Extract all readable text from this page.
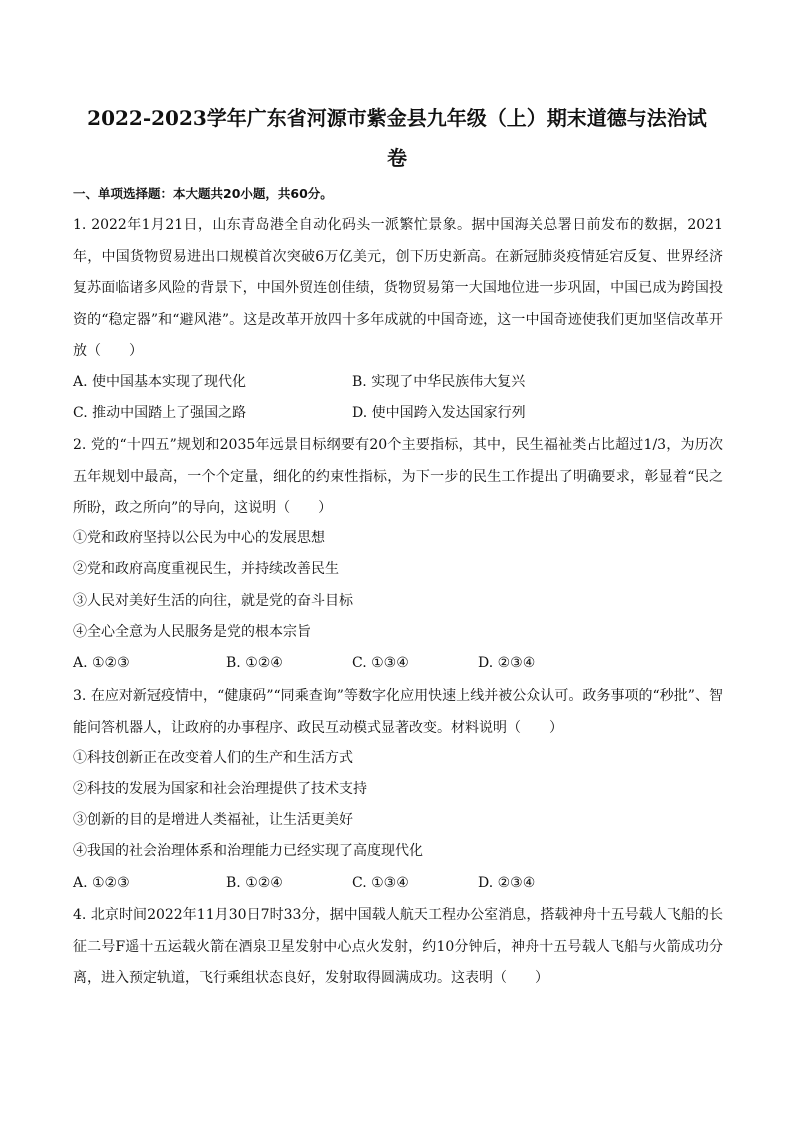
2022-2023学年广东省河源市紫金县九年级（上）期末道德与法治试
卷
一、单项选择题：本大题共20小题，共60分。
1. 2022年1月21日，山东青岛港全自动化码头一派繁忙景象。据中国海关总署日前发布的数据，2021年，中国货物贸易进出口规模首次突破6万亿美元，创下历史新高。在新冠肺炎疫情延宕反复、世界经济复苏面临诸多风险的背景下，中国外贸连创佳绩，货物贸易第一大国地位进一步巩固，中国已成为跨国投资的“稳定器”和“避风港”。这是改革开放四十多年成就的中国奇迹，这一中国奇迹使我们更加坚信改革开放（　　）
A. 使中国基本实现了现代化	B. 实现了中华民族伟大复兴
C. 推动中国踏上了强国之路	D. 使中国跨入发达国家行列
2. 党的“十四五”规划和2035年远景目标纲要有20个主要指标，其中，民生福祉类占比超过1/3，为历次五年规划中最高，一个个定量，细化的约束性指标，为下一步的民生工作提出了明确要求，彰显着“民之所盼，政之所向”的导向，这说明（　　）
①党和政府坚持以公民为中心的发展思想
②党和政府高度重视民生，并持续改善民生
③人民对美好生活的向往，就是党的奋斗目标
④全心全意为人民服务是党的根本宗旨
A. ①②③	B. ①②④	C. ①③④	D. ②③④
3. 在应对新冠疫情中，“健康码”“同乘查询”等数字化应用快速上线并被公众认可。政务事项的“秒批”、智能问答机器人，让政府的办事程序、政民互动模式显著改变。材料说明（　　）
①科技创新正在改变着人们的生产和生活方式
②科技的发展为国家和社会治理提供了技术支持
③创新的目的是增进人类福祉，让生活更美好
④我国的社会治理体系和治理能力已经实现了高度现代化
A. ①②③	B. ①②④	C. ①③④	D. ②③④
4. 北京时间2022年11月30日7时33分，据中国载人航天工程办公室消息，搭载神舟十五号载人飞船的长征二号F遥十五运载火箭在酒泉卫星发射中心点火发射，约10分钟后，神舟十五号载人飞船与火箭成功分离，进入预定轨道，飞行乘组状态良好，发射取得圆满成功。这表明（　　）
